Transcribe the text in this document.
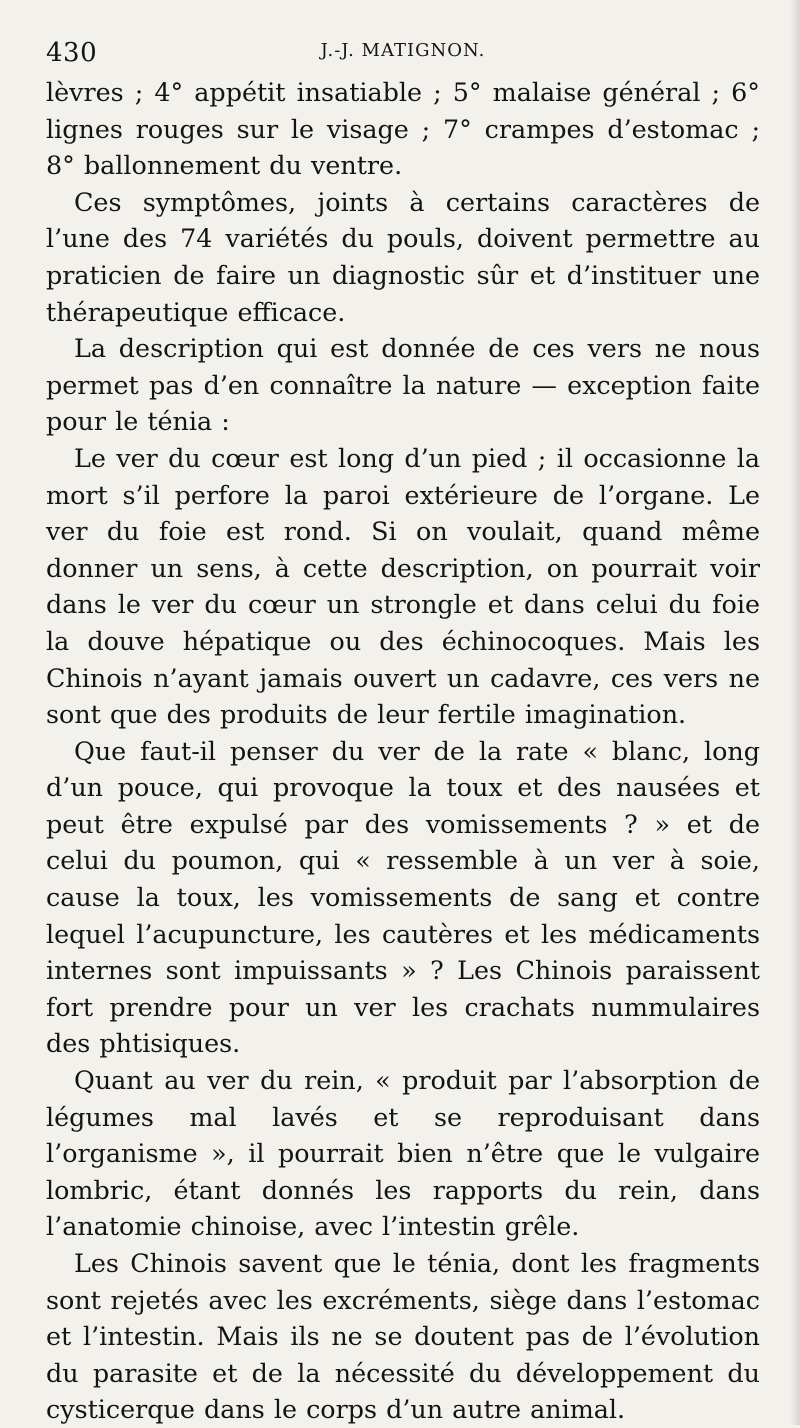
430	J.-J. MATIGNON.

lèvres ; 4° appétit insatiable ; 5° malaise général ; 6° lignes rouges sur le visage ; 7° crampes d’estomac ; 8° ballonnement du ventre.

Ces symptômes, joints à certains caractères de l’une des 74 variétés du pouls, doivent permettre au praticien de faire un diagnostic sûr et d’instituer une thérapeutique efficace.

La description qui est donnée de ces vers ne nous permet pas d’en connaître la nature — exception faite pour le ténia :

Le ver du cœur est long d’un pied ; il occasionne la mort s’il perfore la paroi extérieure de l’organe. Le ver du foie est rond. Si on voulait, quand même donner un sens, à cette description, on pourrait voir dans le ver du cœur un strongle et dans celui du foie la douve hépatique ou des échinocoques. Mais les Chinois n’ayant jamais ouvert un cadavre, ces vers ne sont que des produits de leur fertile imagination.

Que faut-il penser du ver de la rate « blanc, long d’un pouce, qui provoque la toux et des nausées et peut être expulsé par des vomissements ? » et de celui du poumon, qui « ressemble à un ver à soie, cause la toux, les vomissements de sang et contre lequel l’acupuncture, les cautères et les médicaments internes sont impuissants » ? Les Chinois paraissent fort prendre pour un ver les crachats nummulaires des phtisiques.

Quant au ver du rein, « produit par l’absorption de légumes mal lavés et se reproduisant dans l’organisme », il pourrait bien n’être que le vulgaire lombric, étant donnés les rapports du rein, dans l’anatomie chinoise, avec l’intestin grêle.

Les Chinois savent que le ténia, dont les fragments sont rejetés avec les excréments, siège dans l’estomac et l’intestin. Mais ils ne se doutent pas de l’évolution du parasite et de la nécessité du développement du cysticerque dans le corps d’un autre animal.
